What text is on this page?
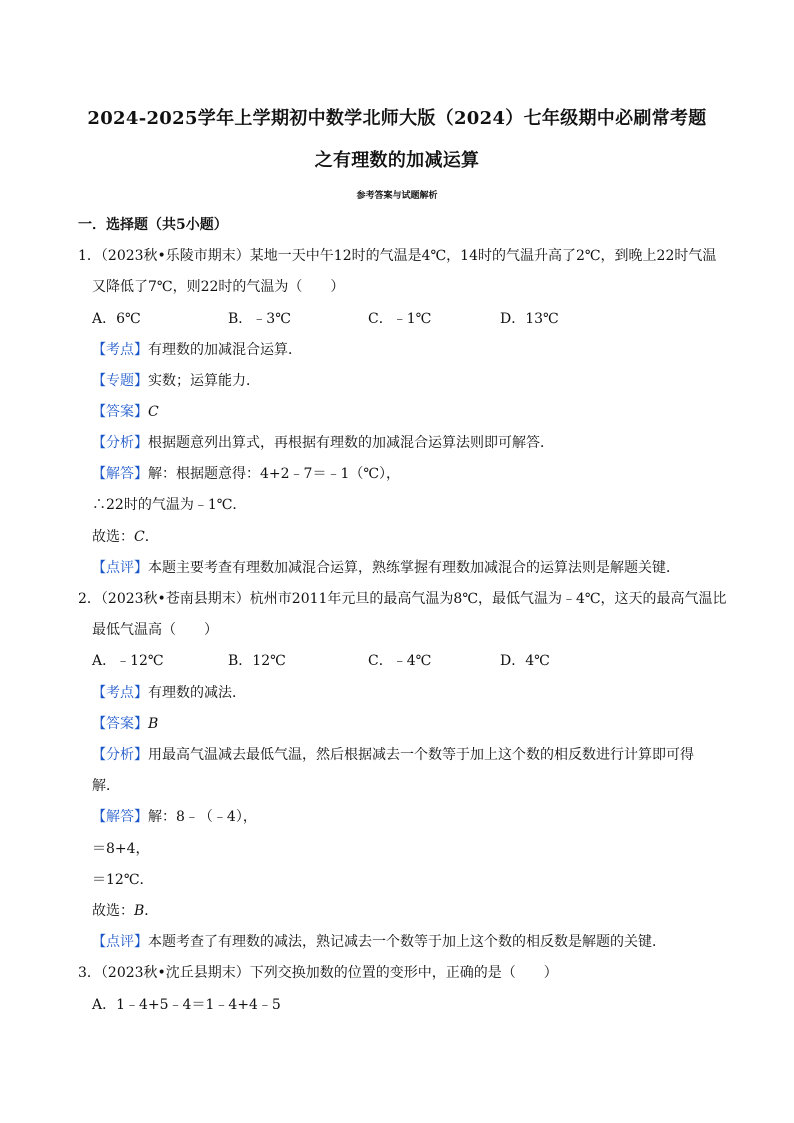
2024-2025学年上学期初中数学北师大版（2024）七年级期中必刷常考题
之有理数的加减运算
参考答案与试题解析
一．选择题（共5小题）
1．（2023秋•乐陵市期末）某地一天中午12时的气温是4℃，14时的气温升高了2℃，到晚上22时气温
又降低了7℃，则22时的气温为（　　）
A．6℃	B．﹣3℃	C．﹣1℃	D．13℃
【考点】有理数的加减混合运算．
【专题】实数；运算能力．
【答案】C
【分析】根据题意列出算式，再根据有理数的加减混合运算法则即可解答．
【解答】解：根据题意得：4+2﹣7＝﹣1（℃），
∴22时的气温为﹣1℃．
故选：C．
【点评】本题主要考查有理数加减混合运算，熟练掌握有理数加减混合的运算法则是解题关键．
2．（2023秋•苍南县期末）杭州市2011年元旦的最高气温为8℃，最低气温为﹣4℃，这天的最高气温比
最低气温高（　　）
A．﹣12℃	B．12℃	C．﹣4℃	D．4℃
【考点】有理数的减法．
【答案】B
【分析】用最高气温减去最低气温，然后根据减去一个数等于加上这个数的相反数进行计算即可得
解．
【解答】解：8﹣（﹣4），
＝8+4，
＝12℃．
故选：B．
【点评】本题考查了有理数的减法，熟记减去一个数等于加上这个数的相反数是解题的关键．
3．（2023秋•沈丘县期末）下列交换加数的位置的变形中，正确的是（　　）
A．1﹣4+5﹣4＝1﹣4+4﹣5
